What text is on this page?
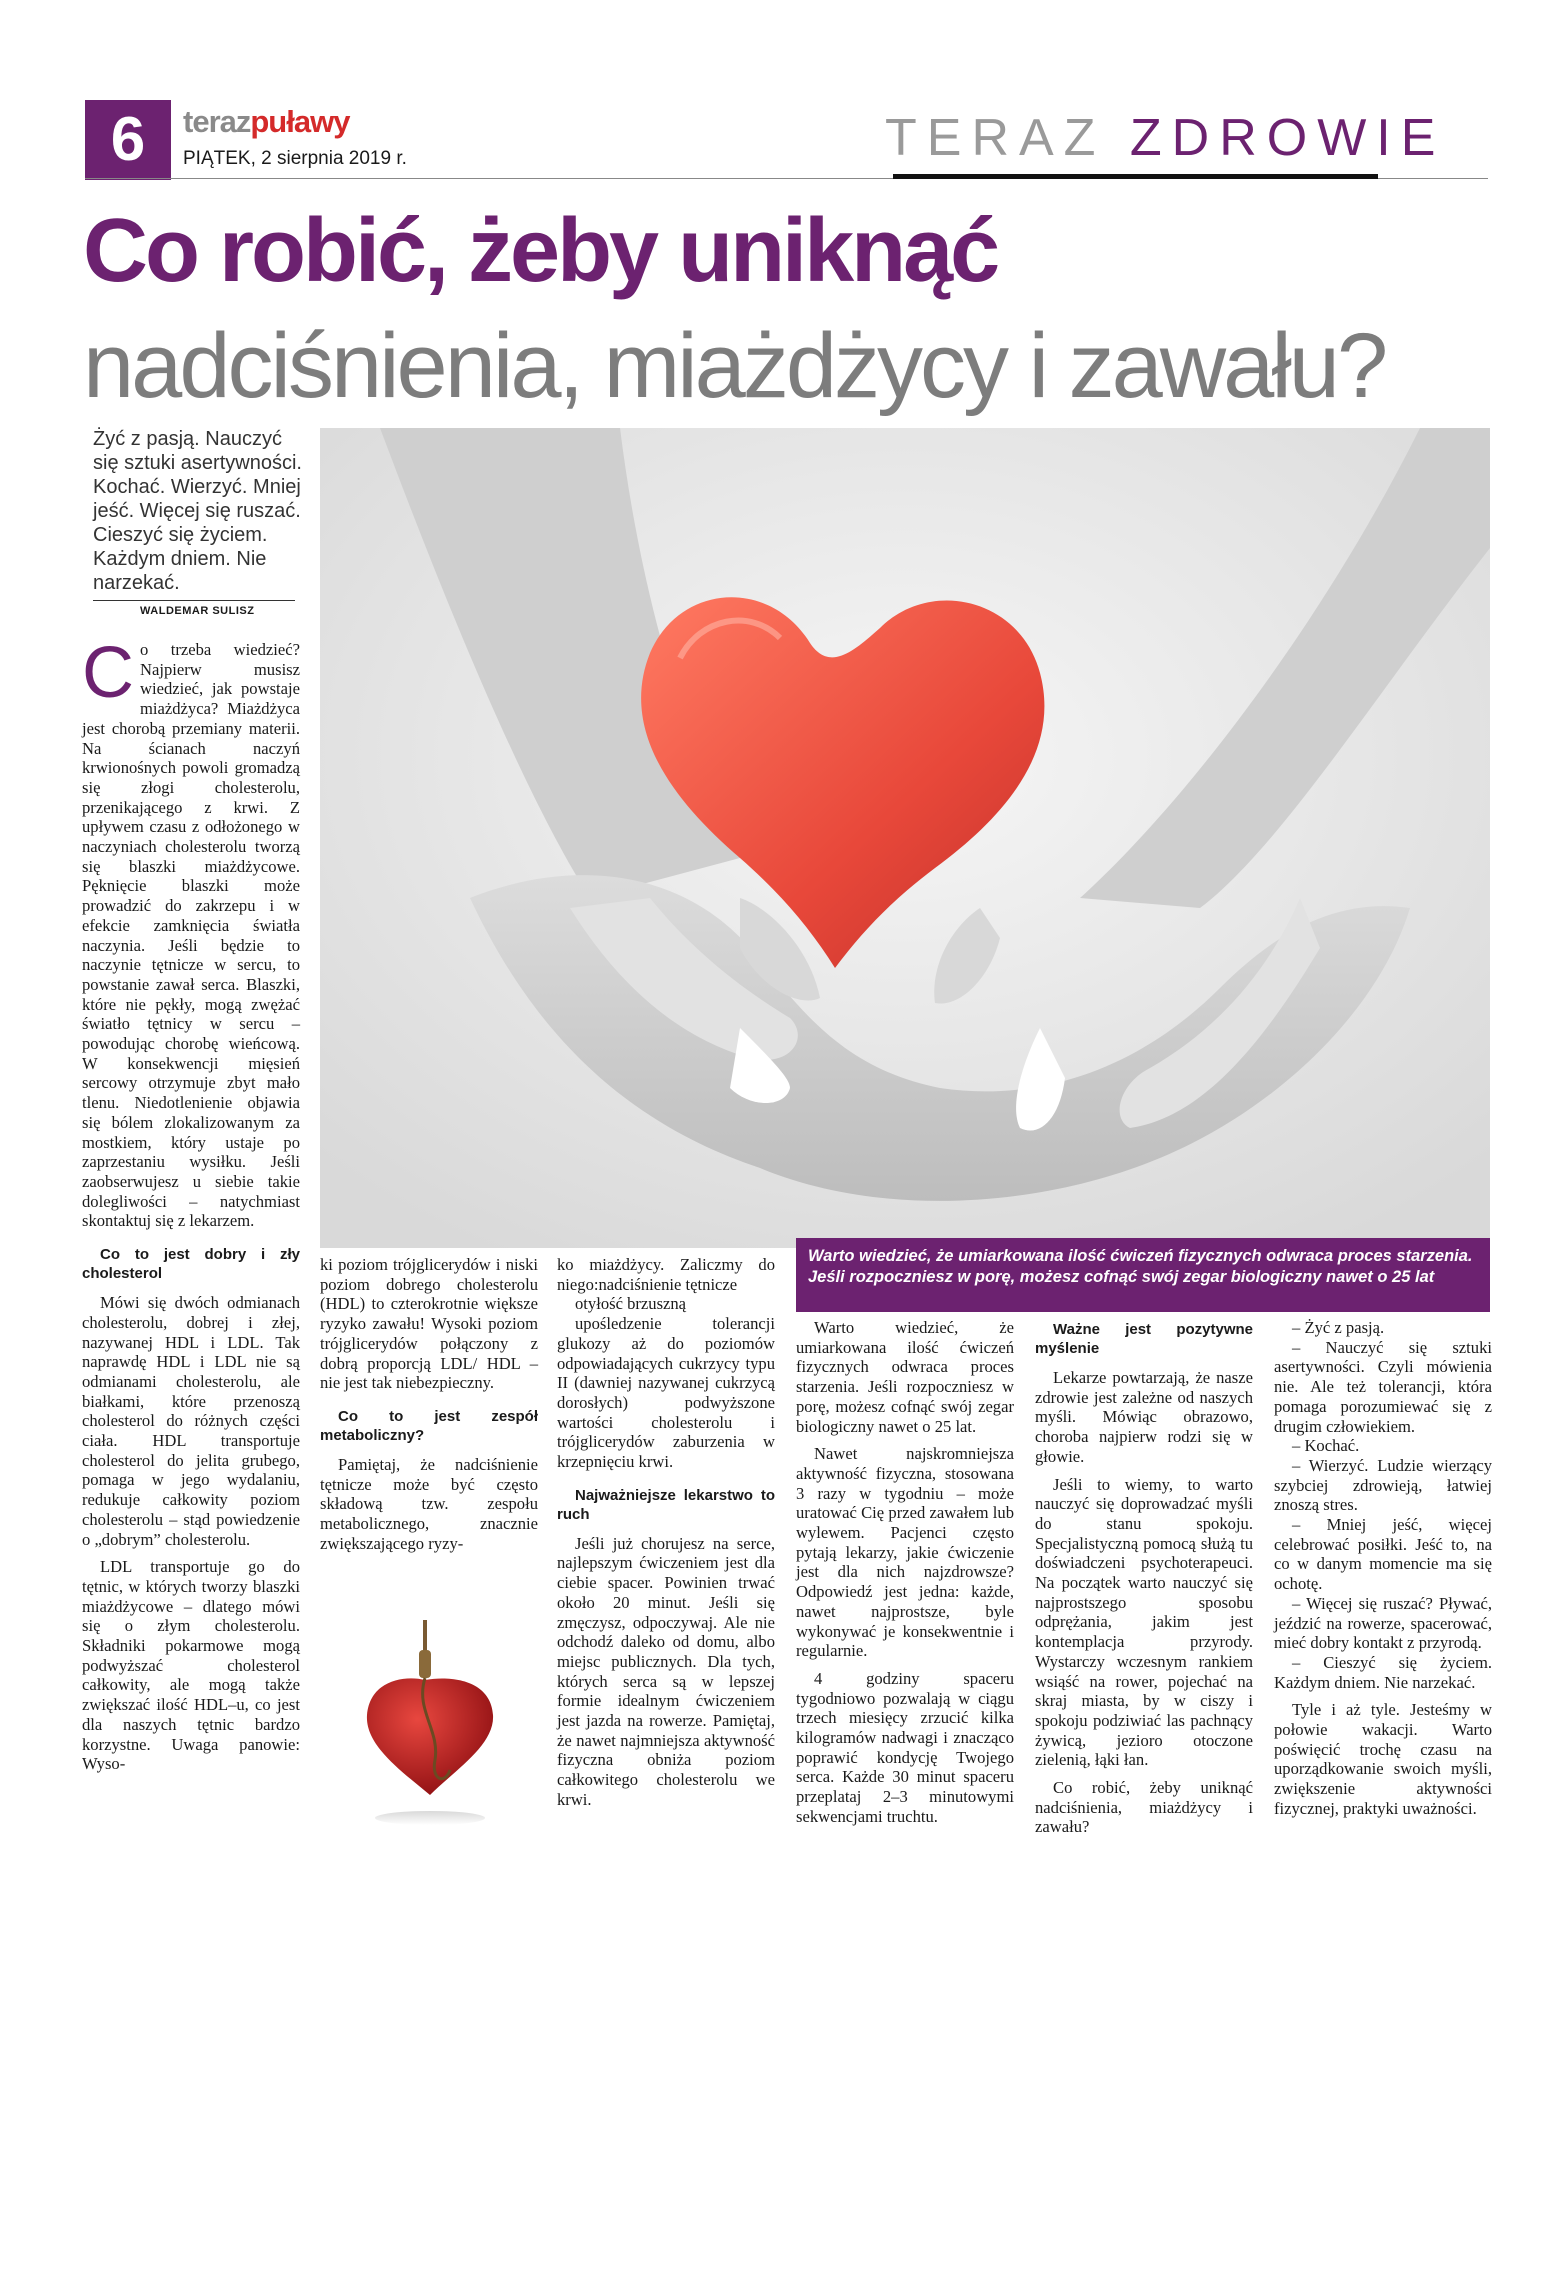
6	terazpuławy
PIĄTEK, 2 sierpnia 2019 r.	TERAZ ZDROWIE
Co robić, żeby uniknąć
nadciśnienia, miażdżycy i zawału?
Żyć z pasją. Nauczyć się sztuki asertywności. Kochać. Wierzyć. Mniej jeść. Więcej się ruszać. Cieszyć się życiem. Każdym dniem. Nie narzekać.
WALDEMAR SULISZ
Warto wiedzieć, że umiarkowana ilość ćwiczeń fizycznych odwraca proces starzenia. Jeśli rozpoczniesz w porę, możesz cofnąć swój zegar biologiczny nawet o 25 lat
C o trzeba wiedzieć? Najpierw musisz wiedzieć, jak powstaje miażdżyca? Miażdżyca jest chorobą przemiany materii. Na ścianach naczyń krwionośnych powoli gromadzą się złogi cholesterolu, przenikającego z krwi. Z upływem czasu z odłożonego w naczyniach cholesterolu tworzą się blaszki miażdżycowe. Pęknięcie blaszki może prowadzić do zakrzepu i w efekcie zamknięcia światła naczynia. Jeśli będzie to naczynie tętnicze w sercu, to powstanie zawał serca. Blaszki, które nie pękły, mogą zwężać światło tętnicy w sercu – powodując chorobę wieńcową. W konsekwencji mięsień sercowy otrzymuje zbyt mało tlenu. Niedotlenienie objawia się bólem zlokalizowanym za mostkiem, który ustaje po zaprzestaniu wysiłku. Jeśli zaobserwujesz u siebie takie dolegliwości – natychmiast skontaktuj się z lekarzem.

Co to jest dobry i zły cholesterol

Mówi się dwóch odmianach cholesterolu, dobrej i złej, nazywanej HDL i LDL. Tak naprawdę HDL i LDL nie są odmianami cholesterolu, ale białkami, które przenoszą cholesterol do różnych części ciała. HDL transportuje cholesterol do jelita grubego, pomaga w jego wydalaniu, redukuje całkowity poziom cholesterolu – stąd powiedzenie o „dobrym” cholesterolu.

LDL transportuje go do tętnic, w których tworzy blaszki miażdżycowe – dlatego mówi się o złym cholesterolu. Składniki pokarmowe mogą podwyższać cholesterol całkowity, ale mogą także zwiększać ilość HDL–u, co jest dla naszych tętnic bardzo korzystne. Uwaga panowie: Wyso-

ki poziom trójglicerydów i niski poziom dobrego cholesterolu (HDL) to czterokrotnie większe ryzyko zawału! Wysoki poziom trójglicerydów połączony z dobrą proporcją LDL/ HDL – nie jest tak niebezpieczny.

Co to jest zespół metaboliczny?

Pamiętaj, że nadciśnienie tętnicze może być często składową tzw. zespołu metabolicznego, znacznie zwiększającego ryzy-

ko miażdżycy. Zaliczmy do niego:nadciśnienie tętnicze

otyłość brzuszną

upośledzenie tolerancji glukozy aż do poziomów odpowiadających cukrzycy typu II (dawniej nazywanej cukrzycą dorosłych) podwyższone wartości cholesterolu i trójglicerydów zaburzenia w krzepnięciu krwi.

Najważniejsze lekarstwo to ruch

Jeśli już chorujesz na serce, najlepszym ćwiczeniem jest dla ciebie spacer. Powinien trwać około 20 minut. Jeśli się zmęczysz, odpoczywaj. Ale nie odchodź daleko od domu, albo miejsc publicznych. Dla tych, których serca są w lepszej formie idealnym ćwiczeniem jest jazda na rowerze. Pamiętaj, że nawet najmniejsza aktywność fizyczna obniża poziom całkowitego cholesterolu we krwi.

Warto wiedzieć, że umiarkowana ilość ćwiczeń fizycznych odwraca proces starzenia. Jeśli rozpoczniesz w porę, możesz cofnąć swój zegar biologiczny nawet o 25 lat.

Nawet najskromniejsza aktywność fizyczna, stosowana 3 razy w tygodniu – może uratować Cię przed zawałem lub wylewem. Pacjenci często pytają lekarzy, jakie ćwiczenie jest dla nich najzdrowsze? Odpowiedź jest jedna: każde, nawet najprostsze, byle wykonywać je konsekwentnie i regularnie.

4 godziny spaceru tygodniowo pozwalają w ciągu trzech miesięcy zrzucić kilka kilogramów nadwagi i znacząco poprawić kondycję Twojego serca. Każde 30 minut spaceru przeplataj 2–3 minutowymi sekwencjami truchtu.

Ważne jest pozytywne myślenie

Lekarze powtarzają, że nasze zdrowie jest zależne od naszych myśli. Mówiąc obrazowo, choroba najpierw rodzi się w głowie.

Jeśli to wiemy, to warto nauczyć się doprowadzać myśli do stanu spokoju. Specjalistyczną pomocą służą tu doświadczeni psychoterapeuci. Na początek warto nauczyć się najprostszego sposobu odprężania, jakim jest kontemplacja przyrody. Wystarczy wczesnym rankiem wsiąść na rower, pojechać na skraj miasta, by w ciszy i spokoju podziwiać las pachnący żywicą, jezioro otoczone zielenią, łąki łan.

Co robić, żeby uniknąć nadciśnienia, miażdżycy i zawału?

– Żyć z pasją.

– Nauczyć się sztuki asertywności. Czyli mówienia nie. Ale też tolerancji, która pomaga porozumiewać się z drugim człowiekiem.

– Kochać.

– Wierzyć. Ludzie wierzący szybciej zdrowieją, łatwiej znoszą stres.

– Mniej jeść, więcej celebrować posiłki. Jeść to, na co w danym momencie ma się ochotę.

– Więcej się ruszać? Pływać, jeździć na rowerze, spacerować, mieć dobry kontakt z przyrodą.

– Cieszyć się życiem. Każdym dniem. Nie narzekać.

Tyle i aż tyle. Jesteśmy w połowie wakacji. Warto poświęcić trochę czasu na uporządkowanie swoich myśli, zwiększenie aktywności fizycznej, praktyki uważności.
